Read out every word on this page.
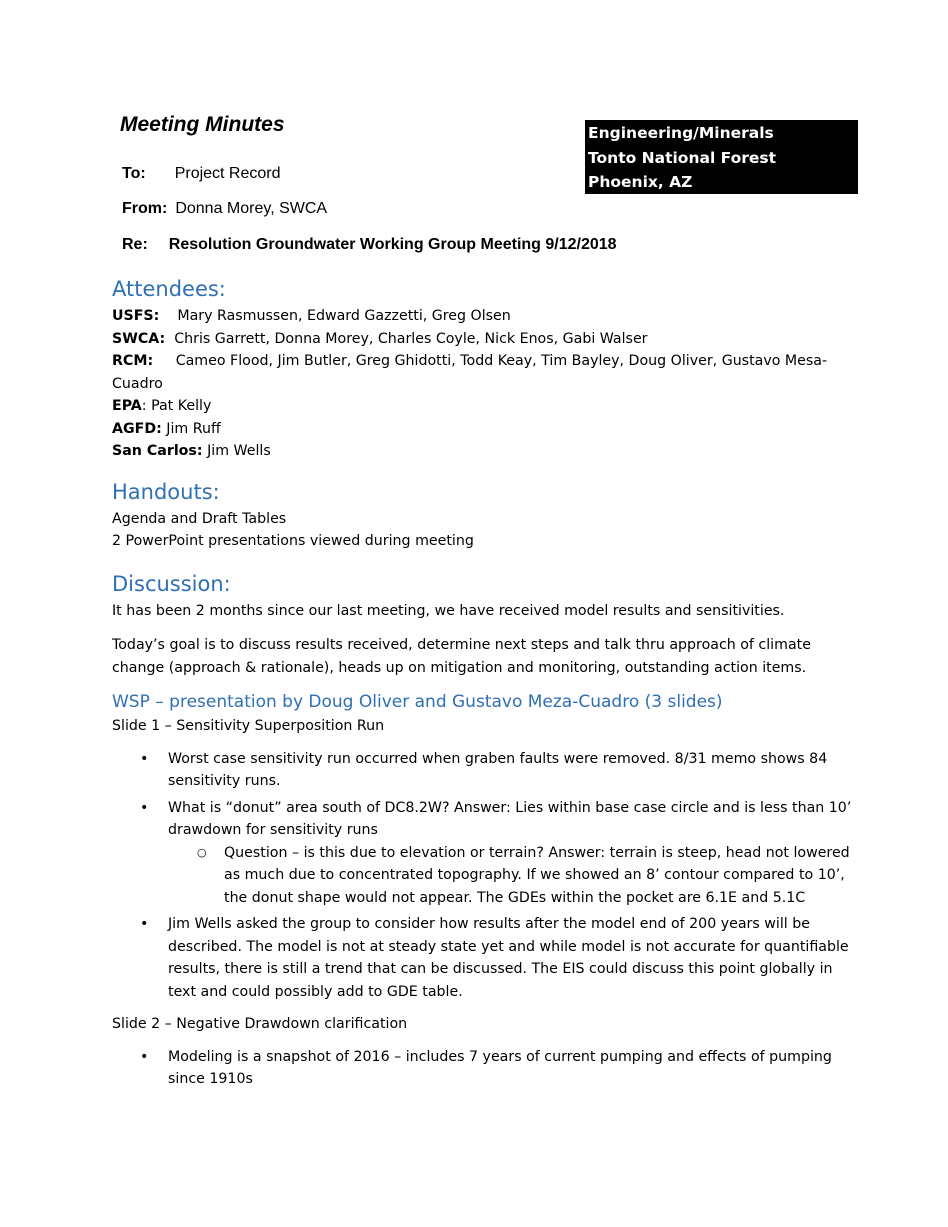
Meeting Minutes	Engineering/Minerals
Tonto National Forest
Phoenix, AZ
To: Project Record
From: Donna Morey, SWCA
Re: Resolution Groundwater Working Group Meeting 9/12/2018
Attendees:

USFS: Mary Rasmussen, Edward Gazzetti, Greg Olsen

SWCA: Chris Garrett, Donna Morey, Charles Coyle, Nick Enos, Gabi Walser

RCM: Cameo Flood, Jim Butler, Greg Ghidotti, Todd Keay, Tim Bayley, Doug Oliver, Gustavo Mesa-Cuadro

EPA: Pat Kelly

AGFD: Jim Ruff

San Carlos: Jim Wells

Handouts:

Agenda and Draft Tables

2 PowerPoint presentations viewed during meeting

Discussion:

It has been 2 months since our last meeting, we have received model results and sensitivities.

Today’s goal is to discuss results received, determine next steps and talk thru approach of climate change (approach & rationale), heads up on mitigation and monitoring, outstanding action items.

WSP – presentation by Doug Oliver and Gustavo Meza-Cuadro (3 slides)

Slide 1 – Sensitivity Superposition Run

• Worst case sensitivity run occurred when graben faults were removed. 8/31 memo shows 84 sensitivity runs.
• What is “donut” area south of DC8.2W? Answer: Lies within base case circle and is less than 10’ drawdown for sensitivity runs
○ Question – is this due to elevation or terrain? Answer: terrain is steep, head not lowered as much due to concentrated topography. If we showed an 8’ contour compared to 10’, the donut shape would not appear. The GDEs within the pocket are 6.1E and 5.1C
• Jim Wells asked the group to consider how results after the model end of 200 years will be described. The model is not at steady state yet and while model is not accurate for quantifiable results, there is still a trend that can be discussed. The EIS could discuss this point globally in text and could possibly add to GDE table.

Slide 2 – Negative Drawdown clarification

• Modeling is a snapshot of 2016 – includes 7 years of current pumping and effects of pumping since 1910s
